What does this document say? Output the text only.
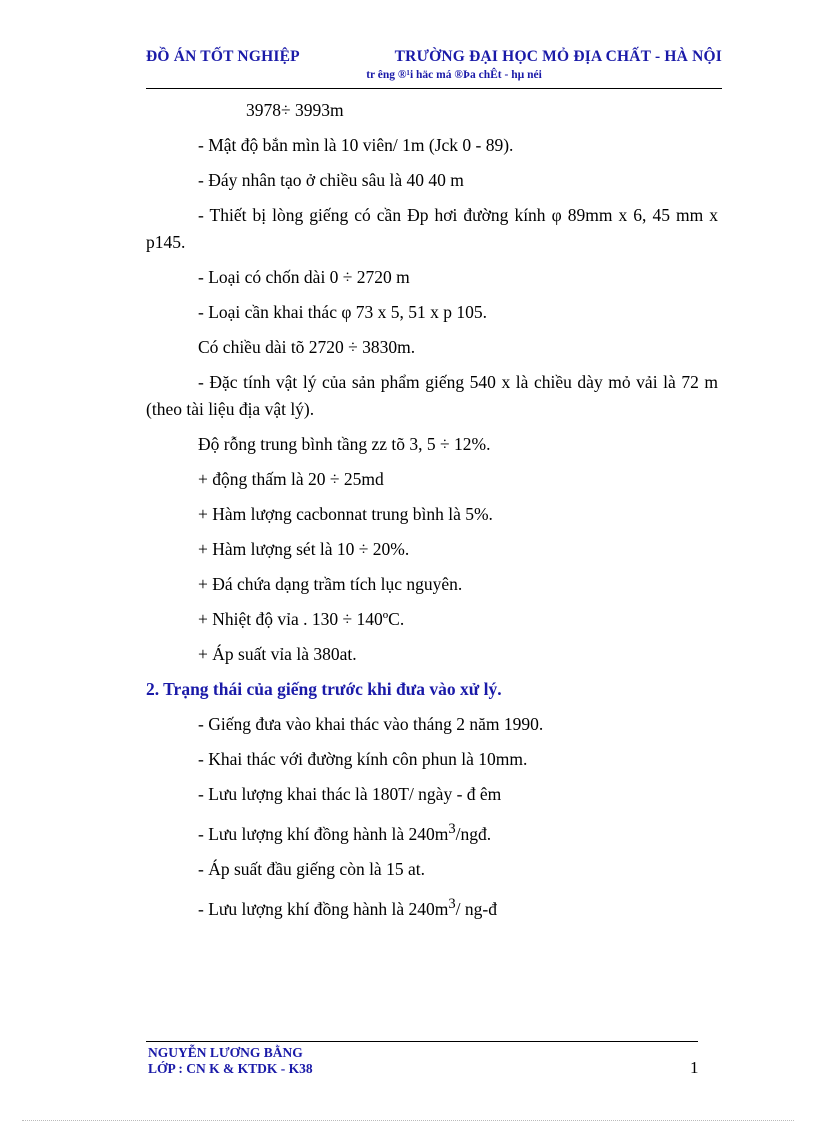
ĐỒ ÁN TỐT NGHIỆP	TRƯỜNG ĐẠI HỌC MỎ ĐỊA CHẤT - HÀ NỘI
tr êng ®¹i häc má ®Þa chÊt - hµ néi

3978÷ 3993m

- Mật độ bắn mìn là 10 viên/ 1m (Jck 0 - 89).

- Đáy nhân tạo ở chiều sâu là 40 40 m

- Thiết bị lòng giếng có cần Đp hơi đường kính φ 89mm x 6, 45 mm x p145.

- Loại có chốn dài 0 ÷ 2720 m

- Loại cần khai thác φ 73 x 5, 51 x p 105.

Có chiều dài tõ 2720 ÷ 3830m.

- Đặc tính vật lý của sản phẩm giếng 540 x là chiều dày mỏ vải là 72 m (theo tài liệu địa vật lý).

Độ rỗng trung bình tầng zz tõ 3, 5 ÷ 12%.

+ động thấm là 20 ÷ 25md

+ Hàm lượng cacbonnat trung bình là 5%.

+ Hàm lượng sét là 10 ÷ 20%.

+ Đá chứa dạng trầm tích lục nguyên.

+ Nhiệt độ vỉa . 130 ÷ 140ºC.

+ Áp suất vỉa là 380at.

2. Trạng thái của giếng trước khi đưa vào xử lý.

- Giếng đưa vào khai thác vào tháng 2 năm 1990.

- Khai thác với đường kính côn phun là 10mm.

- Lưu lượng khai thác là 180T/ ngày - đ êm

- Lưu lượng khí đồng hành là $240m^3$/ngđ.

- Áp suất đầu giếng còn là 15 at.

- Lưu lượng khí đồng hành là $240m^3/$ ng-đ

NGUYỄN LƯƠNG BẰNG
LỚP : CN K & KTDK - K38	1
